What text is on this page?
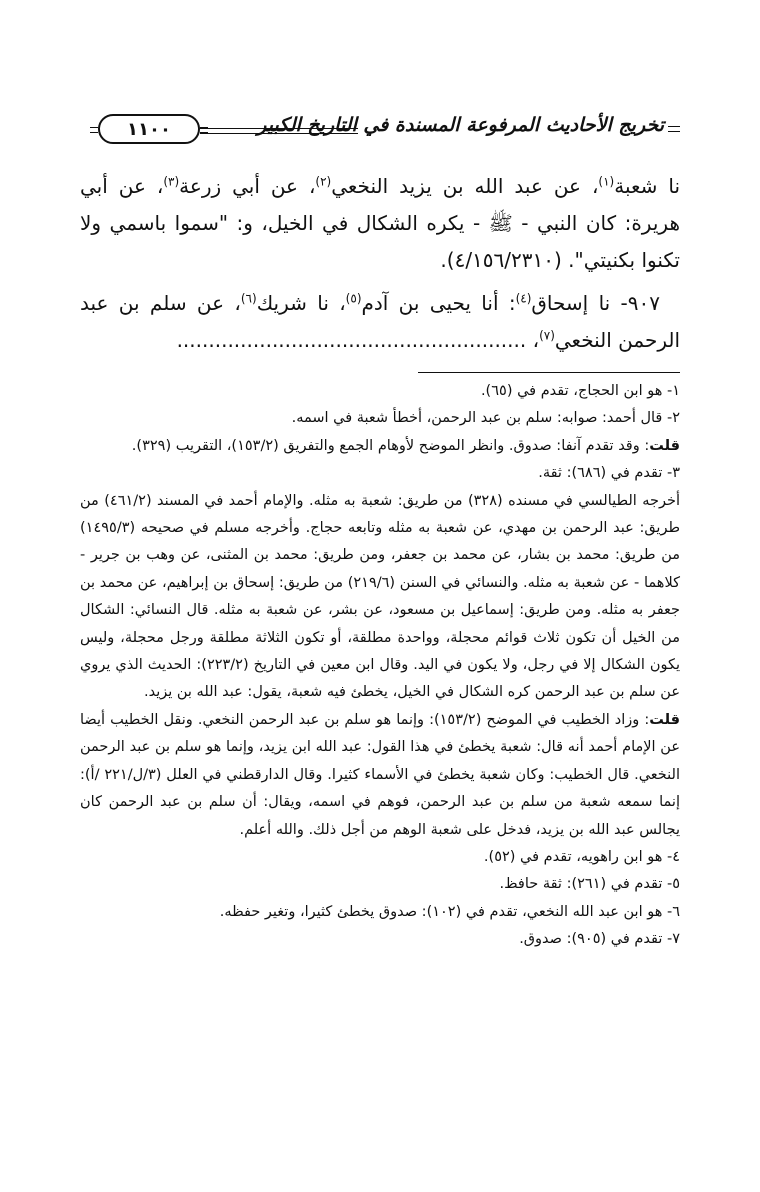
تخريج الأحاديث المرفوعة المسندة في التاريخ الكبير
١١٠٠

نا شعبة$^{(١)}$، عن عبد الله بن يزيد النخعي$^{(٢)}$، عن أبي زرعة$^{(٣)}$، عن أبي هريرة: كان النبي - ﷺ - يكره الشكال في الخيل، و: "سموا باسمي ولا تكنوا بكنيتي". (٤/١٥٦/٢٣١٠).

 ٩٠٧- نا إسحاق$^{(٤)}$: أنا يحيى بن آدم$^{(٥)}$، نا شريك$^{(٦)}$، عن سلم بن عبد الرحمن النخعي$^{(٧)}$، .......................................................

١- هو ابن الحجاج، تقدم في (٦٥).

٢- قال أحمد: صوابه: سلم بن عبد الرحمن، أخطأ شعبة في اسمه.

قلت: وقد تقدم آنفا: صدوق. وانظر الموضح لأوهام الجمع والتفريق (١٥٣/٢)، التقريب (٣٢٩).

٣- تقدم في (٦٨٦): ثقة.

أخرجه الطيالسي في مسنده (٣٢٨) من طريق: شعبة به مثله. والإمام أحمد في المسند (٤٦١/٢) من طريق: عبد الرحمن بن مهدي، عن شعبة به مثله وتابعه حجاج. وأخرجه مسلم في صحيحه (١٤٩٥/٣) من طريق: محمد بن بشار، عن محمد بن جعفر، ومن طريق: محمد بن المثنى، عن وهب بن جرير - كلاهما - عن شعبة به مثله. والنسائي في السنن (٢١٩/٦) من طريق: إسحاق بن إبراهيم، عن محمد بن جعفر به مثله. ومن طريق: إسماعيل بن مسعود، عن بشر، عن شعبة به مثله. قال النسائي: الشكال من الخيل أن تكون ثلاث قوائم محجلة، وواحدة مطلقة، أو تكون الثلاثة مطلقة ورجل محجلة، وليس يكون الشكال إلا في رجل، ولا يكون في اليد. وقال ابن معين في التاريخ (٢٢٣/٢): الحديث الذي يروي عن سلم بن عبد الرحمن كره الشكال في الخيل، يخطئ فيه شعبة، يقول: عبد الله بن يزيد.

قلت: وزاد الخطيب في الموضح (١٥٣/٢): وإنما هو سلم بن عبد الرحمن النخعي. ونقل الخطيب أيضا عن الإمام أحمد أنه قال: شعبة يخطئ في هذا القول: عبد الله ابن يزيد، وإنما هو سلم بن عبد الرحمن النخعي. قال الخطيب: وكان شعبة يخطئ في الأسماء كثيرا. وقال الدارقطني في العلل (٣/ل/٢٢١ /أ): إنما سمعه شعبة من سلم بن عبد الرحمن، فوهم في اسمه، ويقال: أن سلم بن عبد الرحمن كان يجالس عبد الله بن يزيد، فدخل على شعبة الوهم من أجل ذلك. والله أعلم.

٤- هو ابن راهويه، تقدم في (٥٢).

٥- تقدم في (٢٦١): ثقة حافظ.

٦- هو ابن عبد الله النخعي، تقدم في (١٠٢): صدوق يخطئ كثيرا، وتغير حفظه.

٧- تقدم في (٩٠٥): صدوق.
